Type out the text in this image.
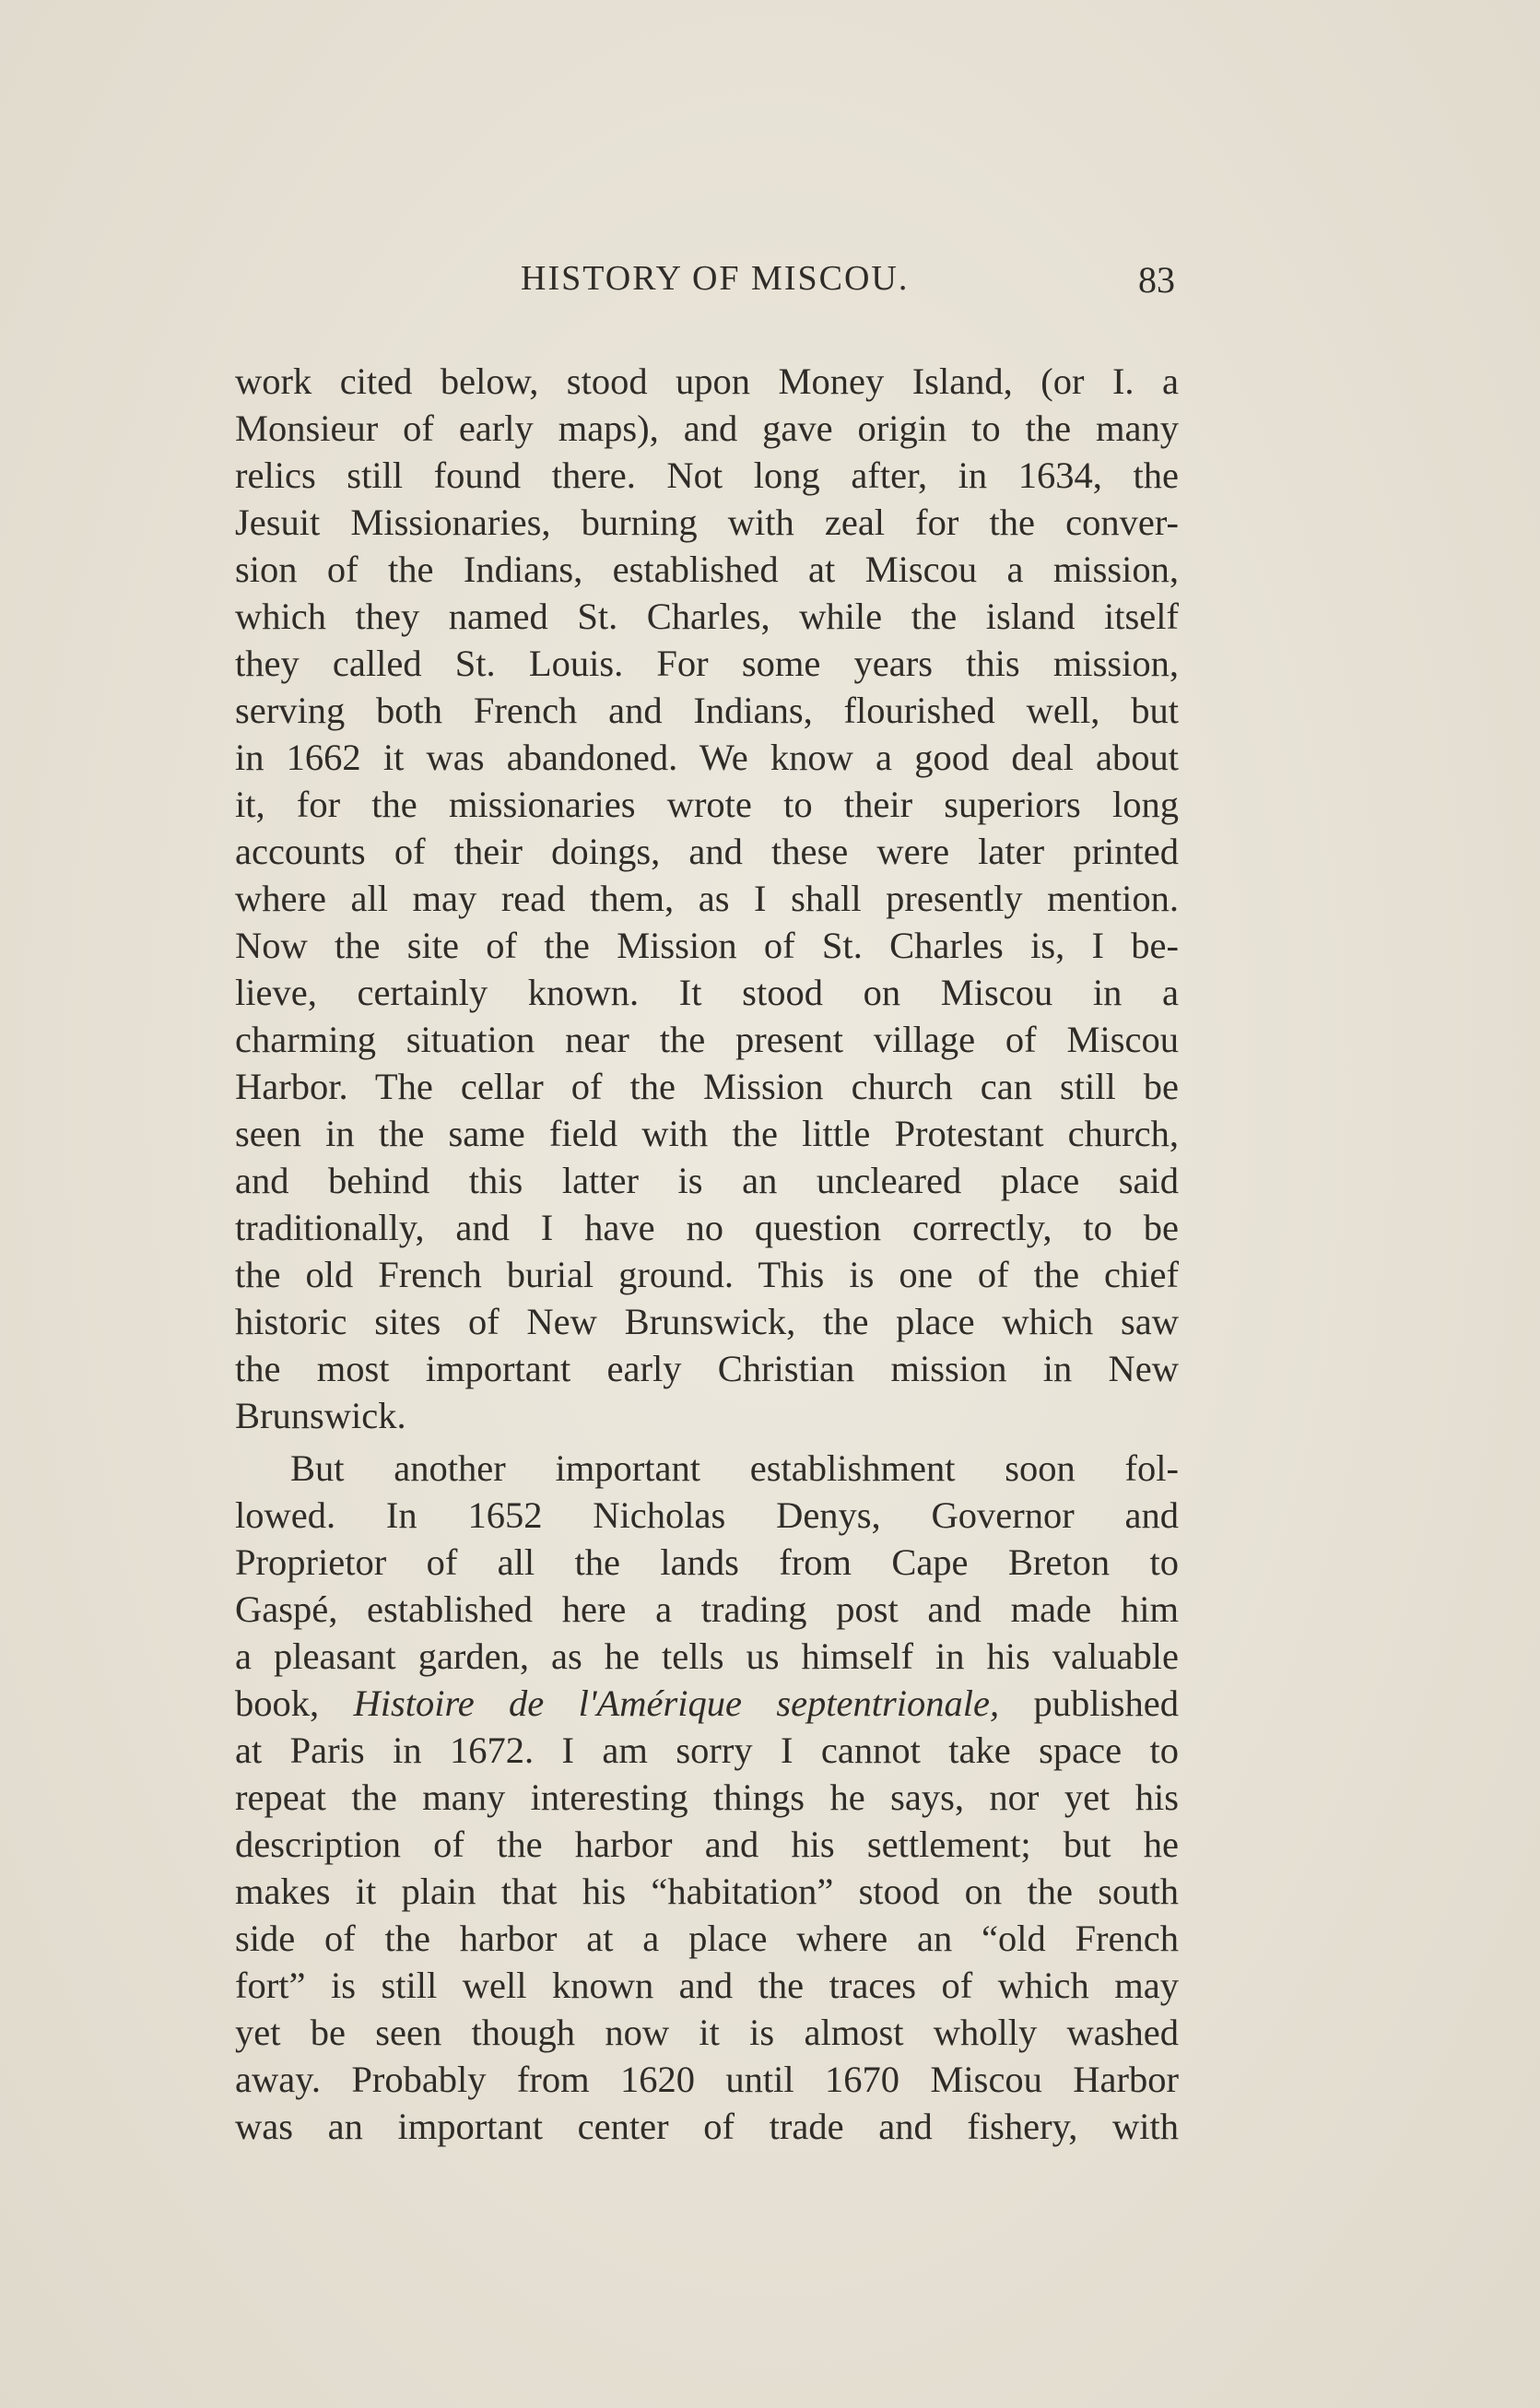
HISTORY OF MISCOU.	83
work cited below, stood upon Money Island, (or I. a
Monsieur of early maps), and gave origin to the many
relics still found there. Not long after, in 1634, the
Jesuit Missionaries, burning with zeal for the conver-
sion of the Indians, established at Miscou a mission,
which they named St. Charles, while the island itself
they called St. Louis. For some years this mission,
serving both French and Indians, flourished well, but
in 1662 it was abandoned. We know a good deal about
it, for the missionaries wrote to their superiors long
accounts of their doings, and these were later printed
where all may read them, as I shall presently mention.
Now the site of the Mission of St. Charles is, I be-
lieve, certainly known. It stood on Miscou in a
charming situation near the present village of Miscou
Harbor. The cellar of the Mission church can still be
seen in the same field with the little Protestant church,
and behind this latter is an uncleared place said
traditionally, and I have no question correctly, to be
the old French burial ground. This is one of the chief
historic sites of New Brunswick, the place which saw
the most important early Christian mission in New
Brunswick.
But another important establishment soon fol-
lowed. In 1652 Nicholas Denys, Governor and
Proprietor of all the lands from Cape Breton to
Gaspé, established here a trading post and made him
a pleasant garden, as he tells us himself in his valuable
book, Histoire de l'Amérique septentrionale, published
at Paris in 1672. I am sorry I cannot take space to
repeat the many interesting things he says, nor yet his
description of the harbor and his settlement; but he
makes it plain that his “habitation” stood on the south
side of the harbor at a place where an “old French
fort” is still well known and the traces of which may
yet be seen though now it is almost wholly washed
away. Probably from 1620 until 1670 Miscou Harbor
was an important center of trade and fishery, with
